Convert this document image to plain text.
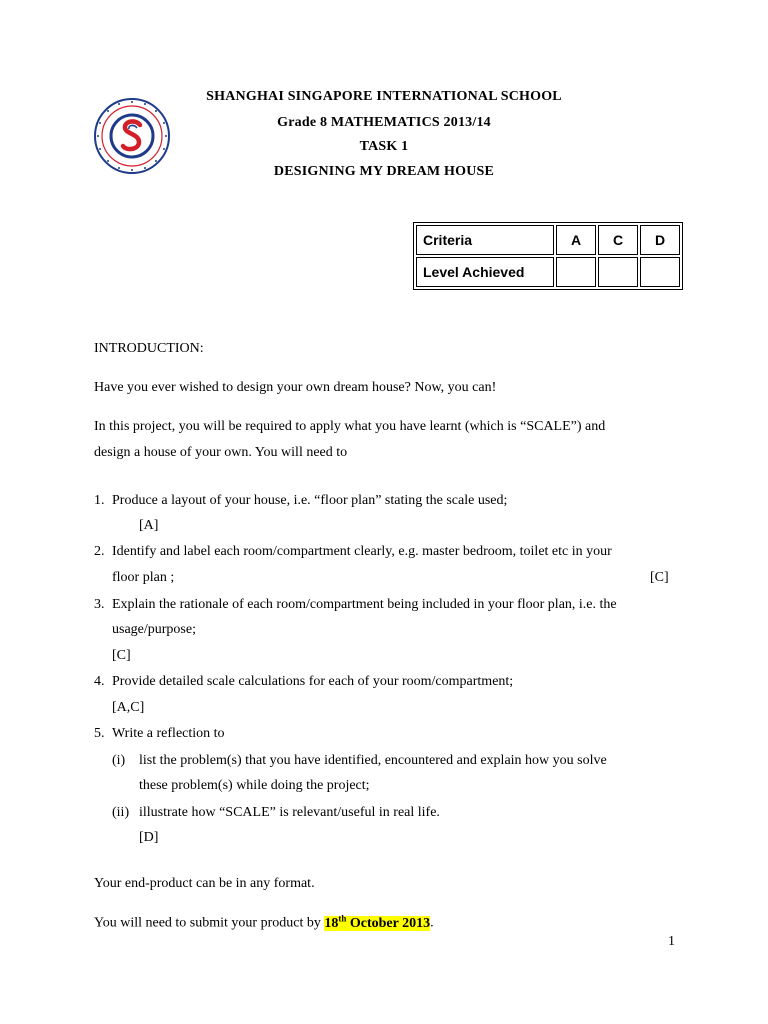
SHANGHAI SINGAPORE INTERNATIONAL SCHOOL
Grade 8 MATHEMATICS 2013/14
TASK 1
DESIGNING MY DREAM HOUSE
Criteria	A	C	D
Level Achieved			
INTRODUCTION:
Have you ever wished to design your own dream house? Now, you can!
In this project, you will be required to apply what you have learnt (which is “SCALE”) and
design a house of your own. You will need to
1. Produce a layout of your house, i.e. “floor plan” stating the scale used;
[A]
2. Identify and label each room/compartment clearly, e.g. master bedroom, toilet etc in your
floor plan ;	[C]
3. Explain the rationale of each room/compartment being included in your floor plan, i.e. the
usage/purpose;
[C]
4. Provide detailed scale calculations for each of your room/compartment;
[A,C]
5. Write a reflection to
(i) list the problem(s) that you have identified, encountered and explain how you solve
these problem(s) while doing the project;
(ii) illustrate how “SCALE” is relevant/useful in real life.
[D]
Your end-product can be in any format.
You will need to submit your product by 18th October 2013.
1
